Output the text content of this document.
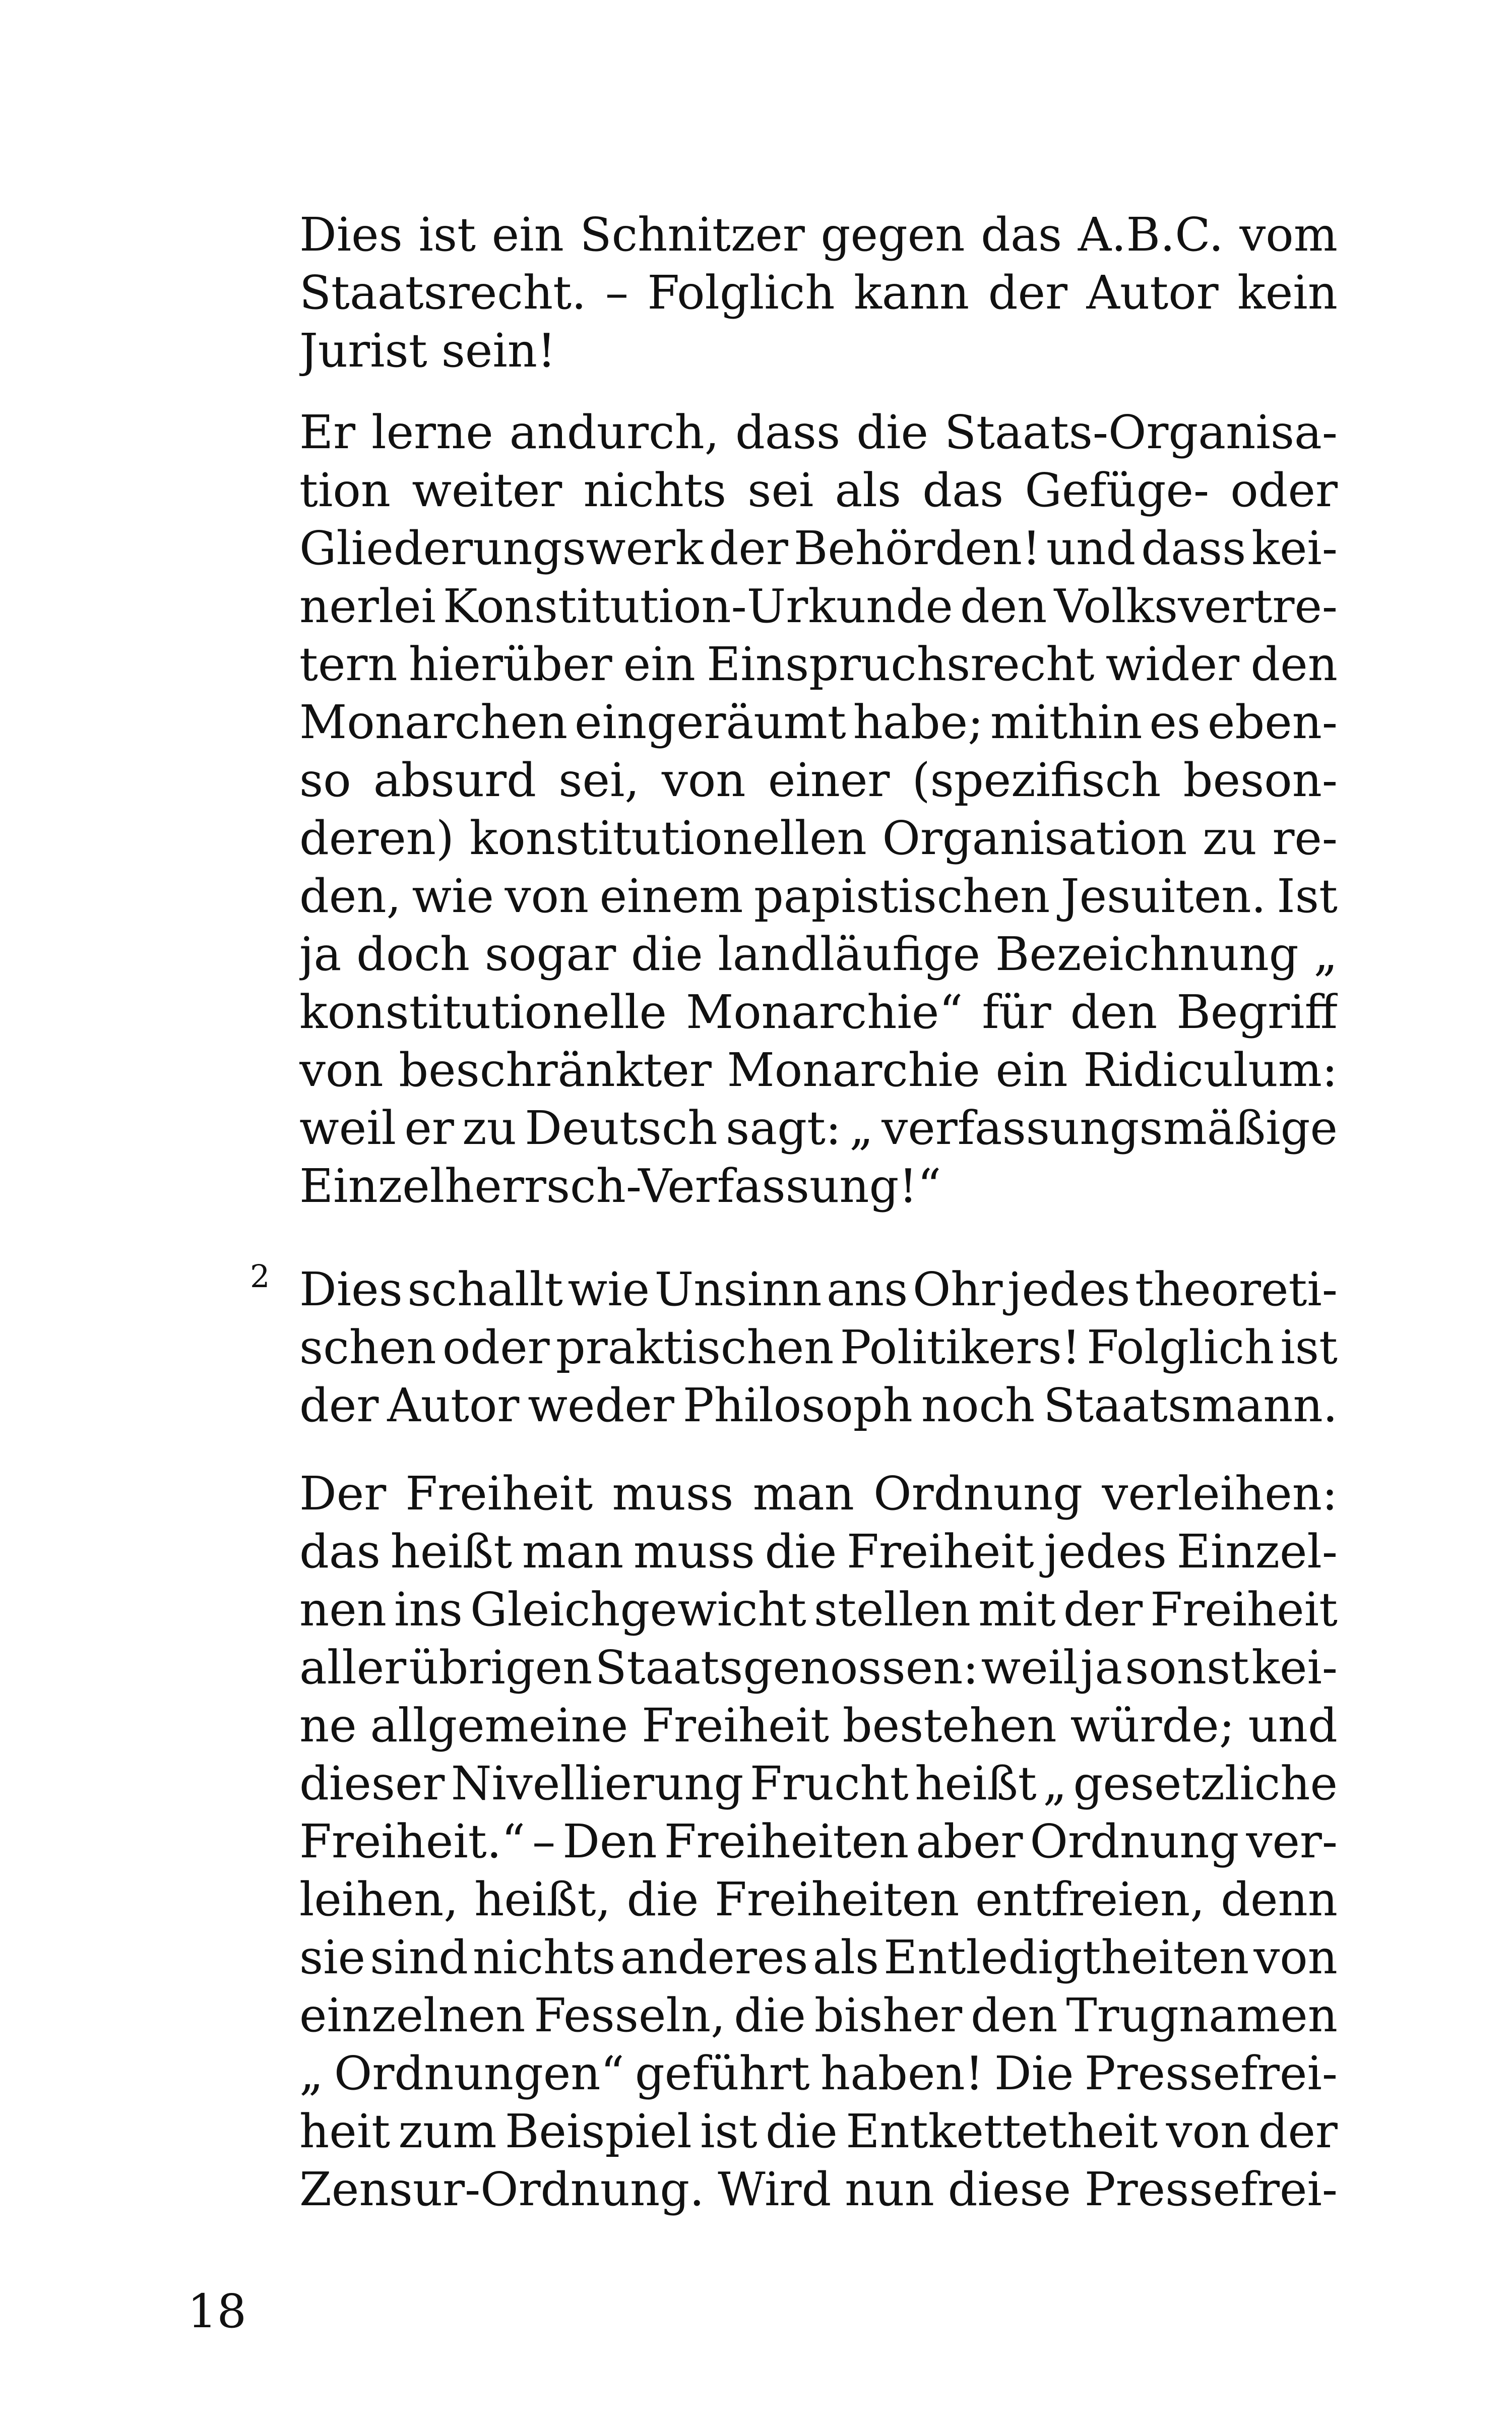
Dies ist ein Schnitzer gegen das A.B.C. vom
Staatsrecht. – Folglich kann der Autor kein
Jurist sein!
Er lerne andurch, dass die Staats-Organisa-
tion weiter nichts sei als das Gefüge- oder
Gliederungswerk der Behörden! und dass kei-
nerlei Konstitution-Urkunde den Volksvertre-
tern hierüber ein Einspruchsrecht wider den
Monarchen eingeräumt habe; mithin es eben-
so absurd sei, von einer (spezifisch beson-
deren) konstitutionellen Organisation zu re-
den, wie von einem papistischen Jesuiten. Ist
ja doch sogar die landläufige Bezeichnung „
konstitutionelle Monarchie“ für den Begriff
von beschränkter Monarchie ein Ridiculum:
weil er zu Deutsch sagt: „ verfassungsmäßige
Einzelherrsch-Verfassung!“
2 Dies schallt wie Unsinn ans Ohr jedes theoreti-
schen oder praktischen Politikers! Folglich ist
der Autor weder Philosoph noch Staatsmann.
Der Freiheit muss man Ordnung verleihen:
das heißt man muss die Freiheit jedes Einzel-
nen ins Gleichgewicht stellen mit der Freiheit
aller übrigen Staatsgenossen: weil ja sonst kei-
ne allgemeine Freiheit bestehen würde; und
dieser Nivellierung Frucht heißt „ gesetzliche
Freiheit.“ – Den Freiheiten aber Ordnung ver-
leihen, heißt, die Freiheiten entfreien, denn
sie sind nichts anderes als Entledigtheiten von
einzelnen Fesseln, die bisher den Trugnamen
„ Ordnungen“ geführt haben! Die Pressefrei-
heit zum Beispiel ist die Entkettetheit von der
Zensur-Ordnung. Wird nun diese Pressefrei-
18
